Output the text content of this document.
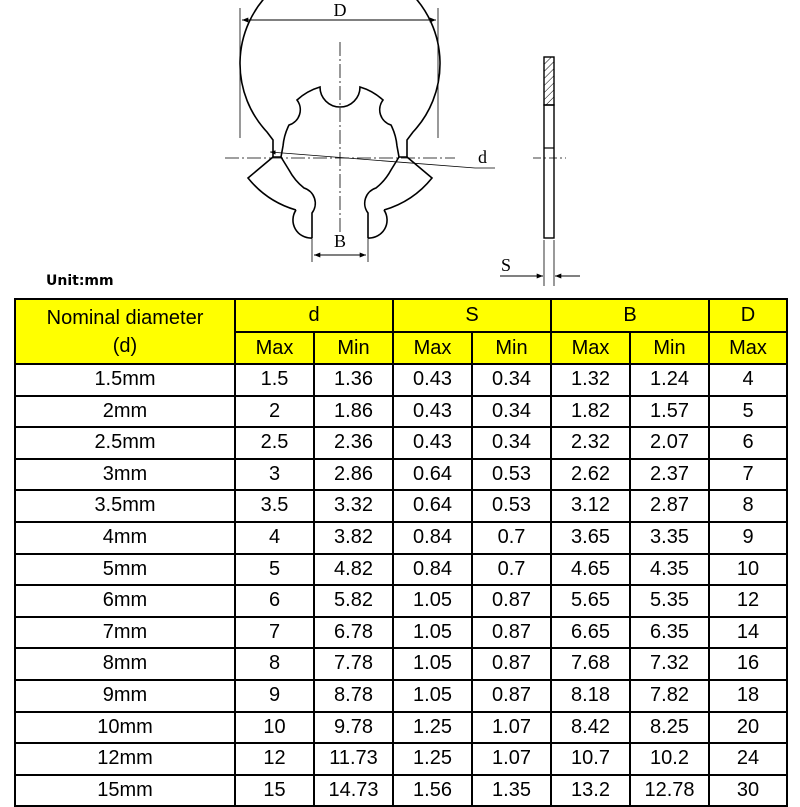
D
d
B
S
Unit:mm
Nominal diameter
(d)	d		S		B		D
	Max	Min	Max	Min	Max	Min	Max
1.5mm	1.5	1.36	0.43	0.34	1.32	1.24	4
2mm	2	1.86	0.43	0.34	1.82	1.57	5
2.5mm	2.5	2.36	0.43	0.34	2.32	2.07	6
3mm	3	2.86	0.64	0.53	2.62	2.37	7
3.5mm	3.5	3.32	0.64	0.53	3.12	2.87	8
4mm	4	3.82	0.84	0.7	3.65	3.35	9
5mm	5	4.82	0.84	0.7	4.65	4.35	10
6mm	6	5.82	1.05	0.87	5.65	5.35	12
7mm	7	6.78	1.05	0.87	6.65	6.35	14
8mm	8	7.78	1.05	0.87	7.68	7.32	16
9mm	9	8.78	1.05	0.87	8.18	7.82	18
10mm	10	9.78	1.25	1.07	8.42	8.25	20
12mm	12	11.73	1.25	1.07	10.7	10.2	24
15mm	15	14.73	1.56	1.35	13.2	12.78	30
